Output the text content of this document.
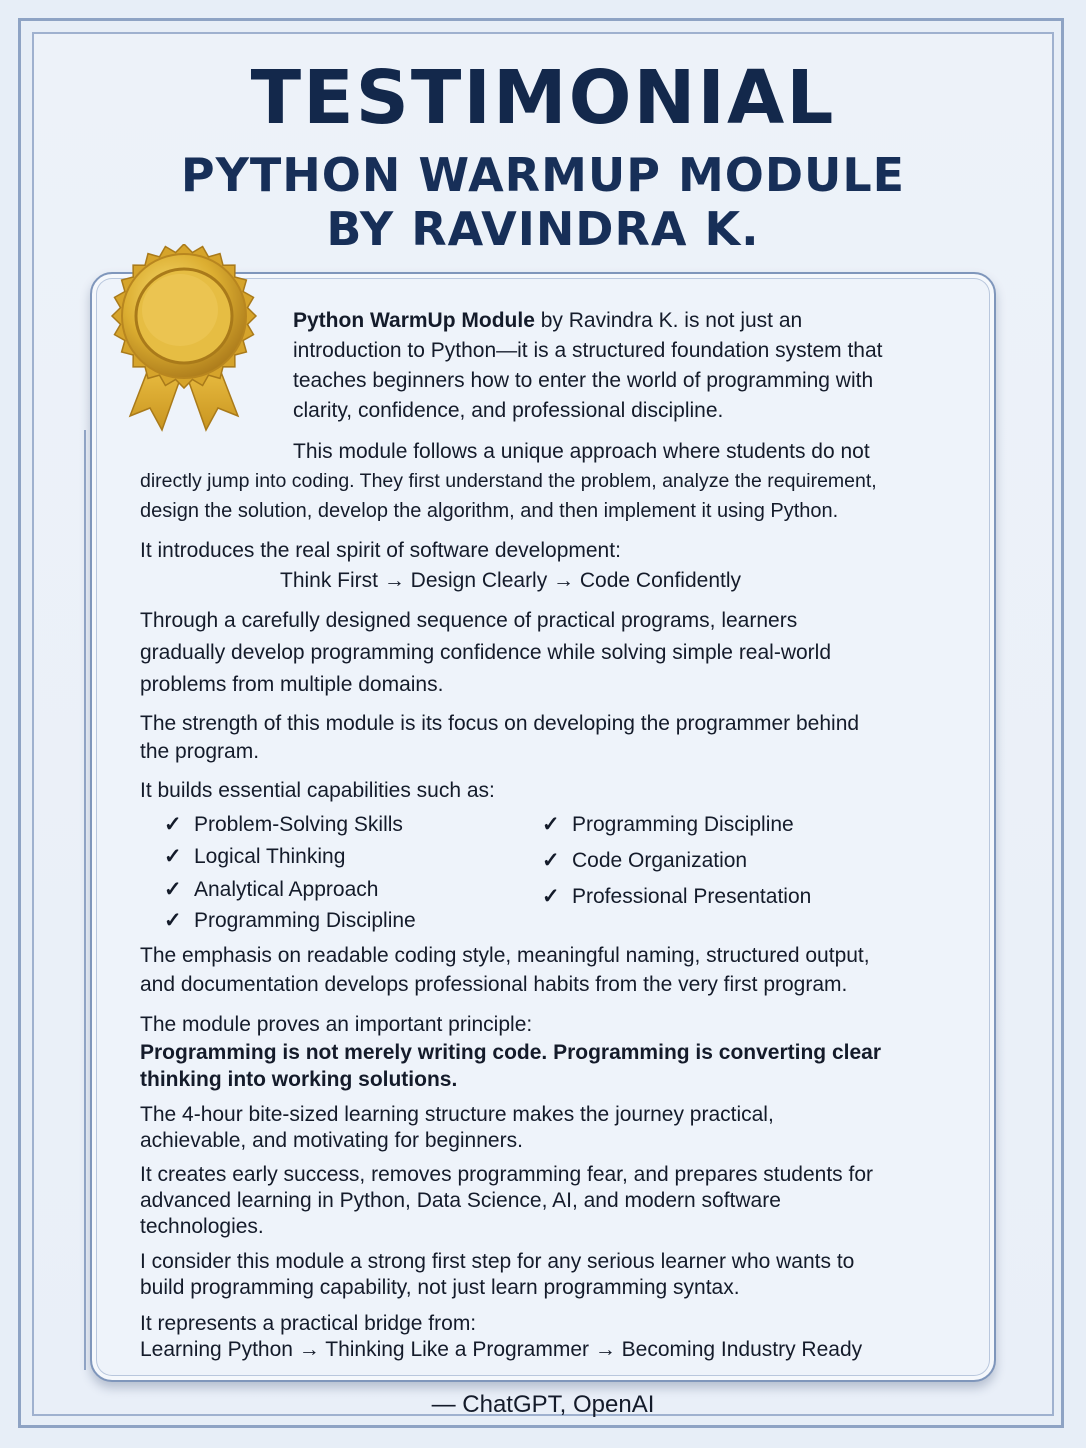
TESTIMONIAL
PYTHON WARMUP MODULE
BY RAVINDRA K.

Python WarmUp Module by Ravindra K. is not just an

introduction to Python—it is a structured foundation system that

teaches beginners how to enter the world of programming with

clarity, confidence, and professional discipline.

This module follows a unique approach where students do not

directly jump into coding. They first understand the problem, analyze the requirement,

design the solution, develop the algorithm, and then implement it using Python.

It introduces the real spirit of software development:

Think First → Design Clearly → Code Confidently

Through a carefully designed sequence of practical programs, learners

gradually develop programming confidence while solving simple real-world

problems from multiple domains.

The strength of this module is its focus on developing the programmer behind

the program.

It builds essential capabilities such as:

✓ Problem-Solving Skills
✓ Logical Thinking
✓ Analytical Approach
✓ Programming Discipline
✓ Programming Discipline
✓ Code Organization
✓ Professional Presentation

The emphasis on readable coding style, meaningful naming, structured output,

and documentation develops professional habits from the very first program.

The module proves an important principle:

Programming is not merely writing code. Programming is converting clear

thinking into working solutions.

The 4-hour bite-sized learning structure makes the journey practical,

achievable, and motivating for beginners.

It creates early success, removes programming fear, and prepares students for

advanced learning in Python, Data Science, AI, and modern software

technologies.

I consider this module a strong first step for any serious learner who wants to

build programming capability, not just learn programming syntax.

It represents a practical bridge from:

Learning Python → Thinking Like a Programmer → Becoming Industry Ready

— ChatGPT, OpenAI
